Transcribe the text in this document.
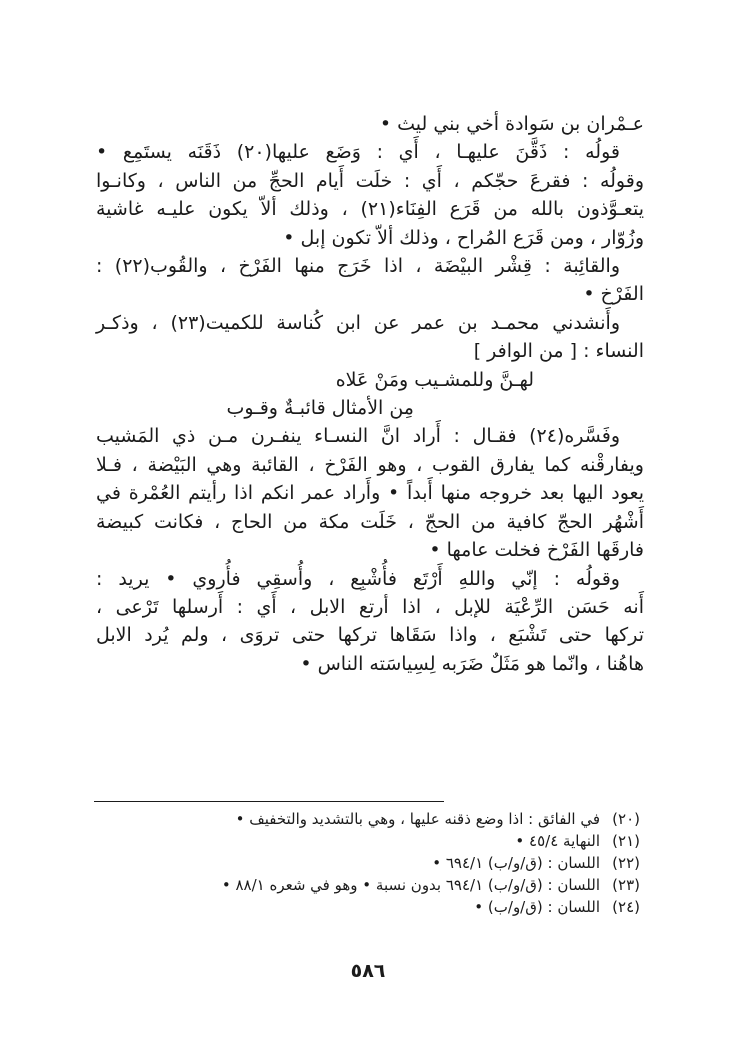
عـمْران بن سَوادة أخي بني ليث •
قولُه : ذَقَّنَ عليهـا ، أَي : وَضَع عليها(٢٠) ذَقَنَه يستَمِع •
وقولُه : فقرعَ حجّكم ، أَي : خلَت أَيام الحجِّ من الناس ، وكانـوا
يتعـوَّذون بالله من قَرَع الفِنَاء(٢١) ، وذلك ألاّ يكون عليـه غاشية
وزُوّار ، ومن قَرَع المُراح ، وذلك ألاّ تكون إبل •
والقائِبة : قِشْر البيْضَة ، اذا خَرَج منها الفَرْخ ، والقُوب(٢٢) :
الفَرْخ •
وأَنشدني محمـد بن عمر عن ابن كُناسة للكميت(٢٣) ، وذكـر
النساء : [ من الوافر ]
لهـنَّ وللمشـيب ومَنْ عَلاه
مِن الأمثال قائبـةٌ وقـوب
وفَسَّره(٢٤) فقـال : أَراد انَّ النسـاء ينفـرن مـن ذي المَشيب
ويفارقْنه كما يفارق القوب ، وهو الفَرْخ ، القائبة وهي البَيْضة ، فـلا
يعود اليها بعد خروجه منها أَبداً • وأَراد عمر انكم اذا رأيتم العُمْرة في
أَشْهُر الحجّ كافية من الحجّ ، خَلَت مكة من الحاج ، فكانت كبيضة
فارقَها الفَرْخ فخلت عامها •
وقولُه : إنّي واللهِ أَرْتَع فأُشْبِع ، وأُسقِي فأُروي • يريد :
أَنه حَسَن الرِّعْيَة للإبل ، اذا أرتع الابل ، أَي : أَرسلها تَرْعى ،
تركها حتى تَشْبَع ، واذا سَقَاها تركها حتى تروَى ، ولم يُرد الابل
هاهُنا ، وانّما هو مَثَلٌ ضَرَبه لِسِياسَته الناس •
(٢٠)في الفائق : اذا وضع ذقنه عليها ، وهي بالتشديد والتخفيف •
(٢١)النهاية ٤٥/٤ •
(٢٢)اللسان : (ق/و/ب) ٦٩٤/١ •
(٢٣)اللسان : (ق/و/ب) ٦٩٤/١ بدون نسبة • وهو في شعره ٨٨/١ •
(٢٤)اللسان : (ق/و/ب) •
٥٨٦
